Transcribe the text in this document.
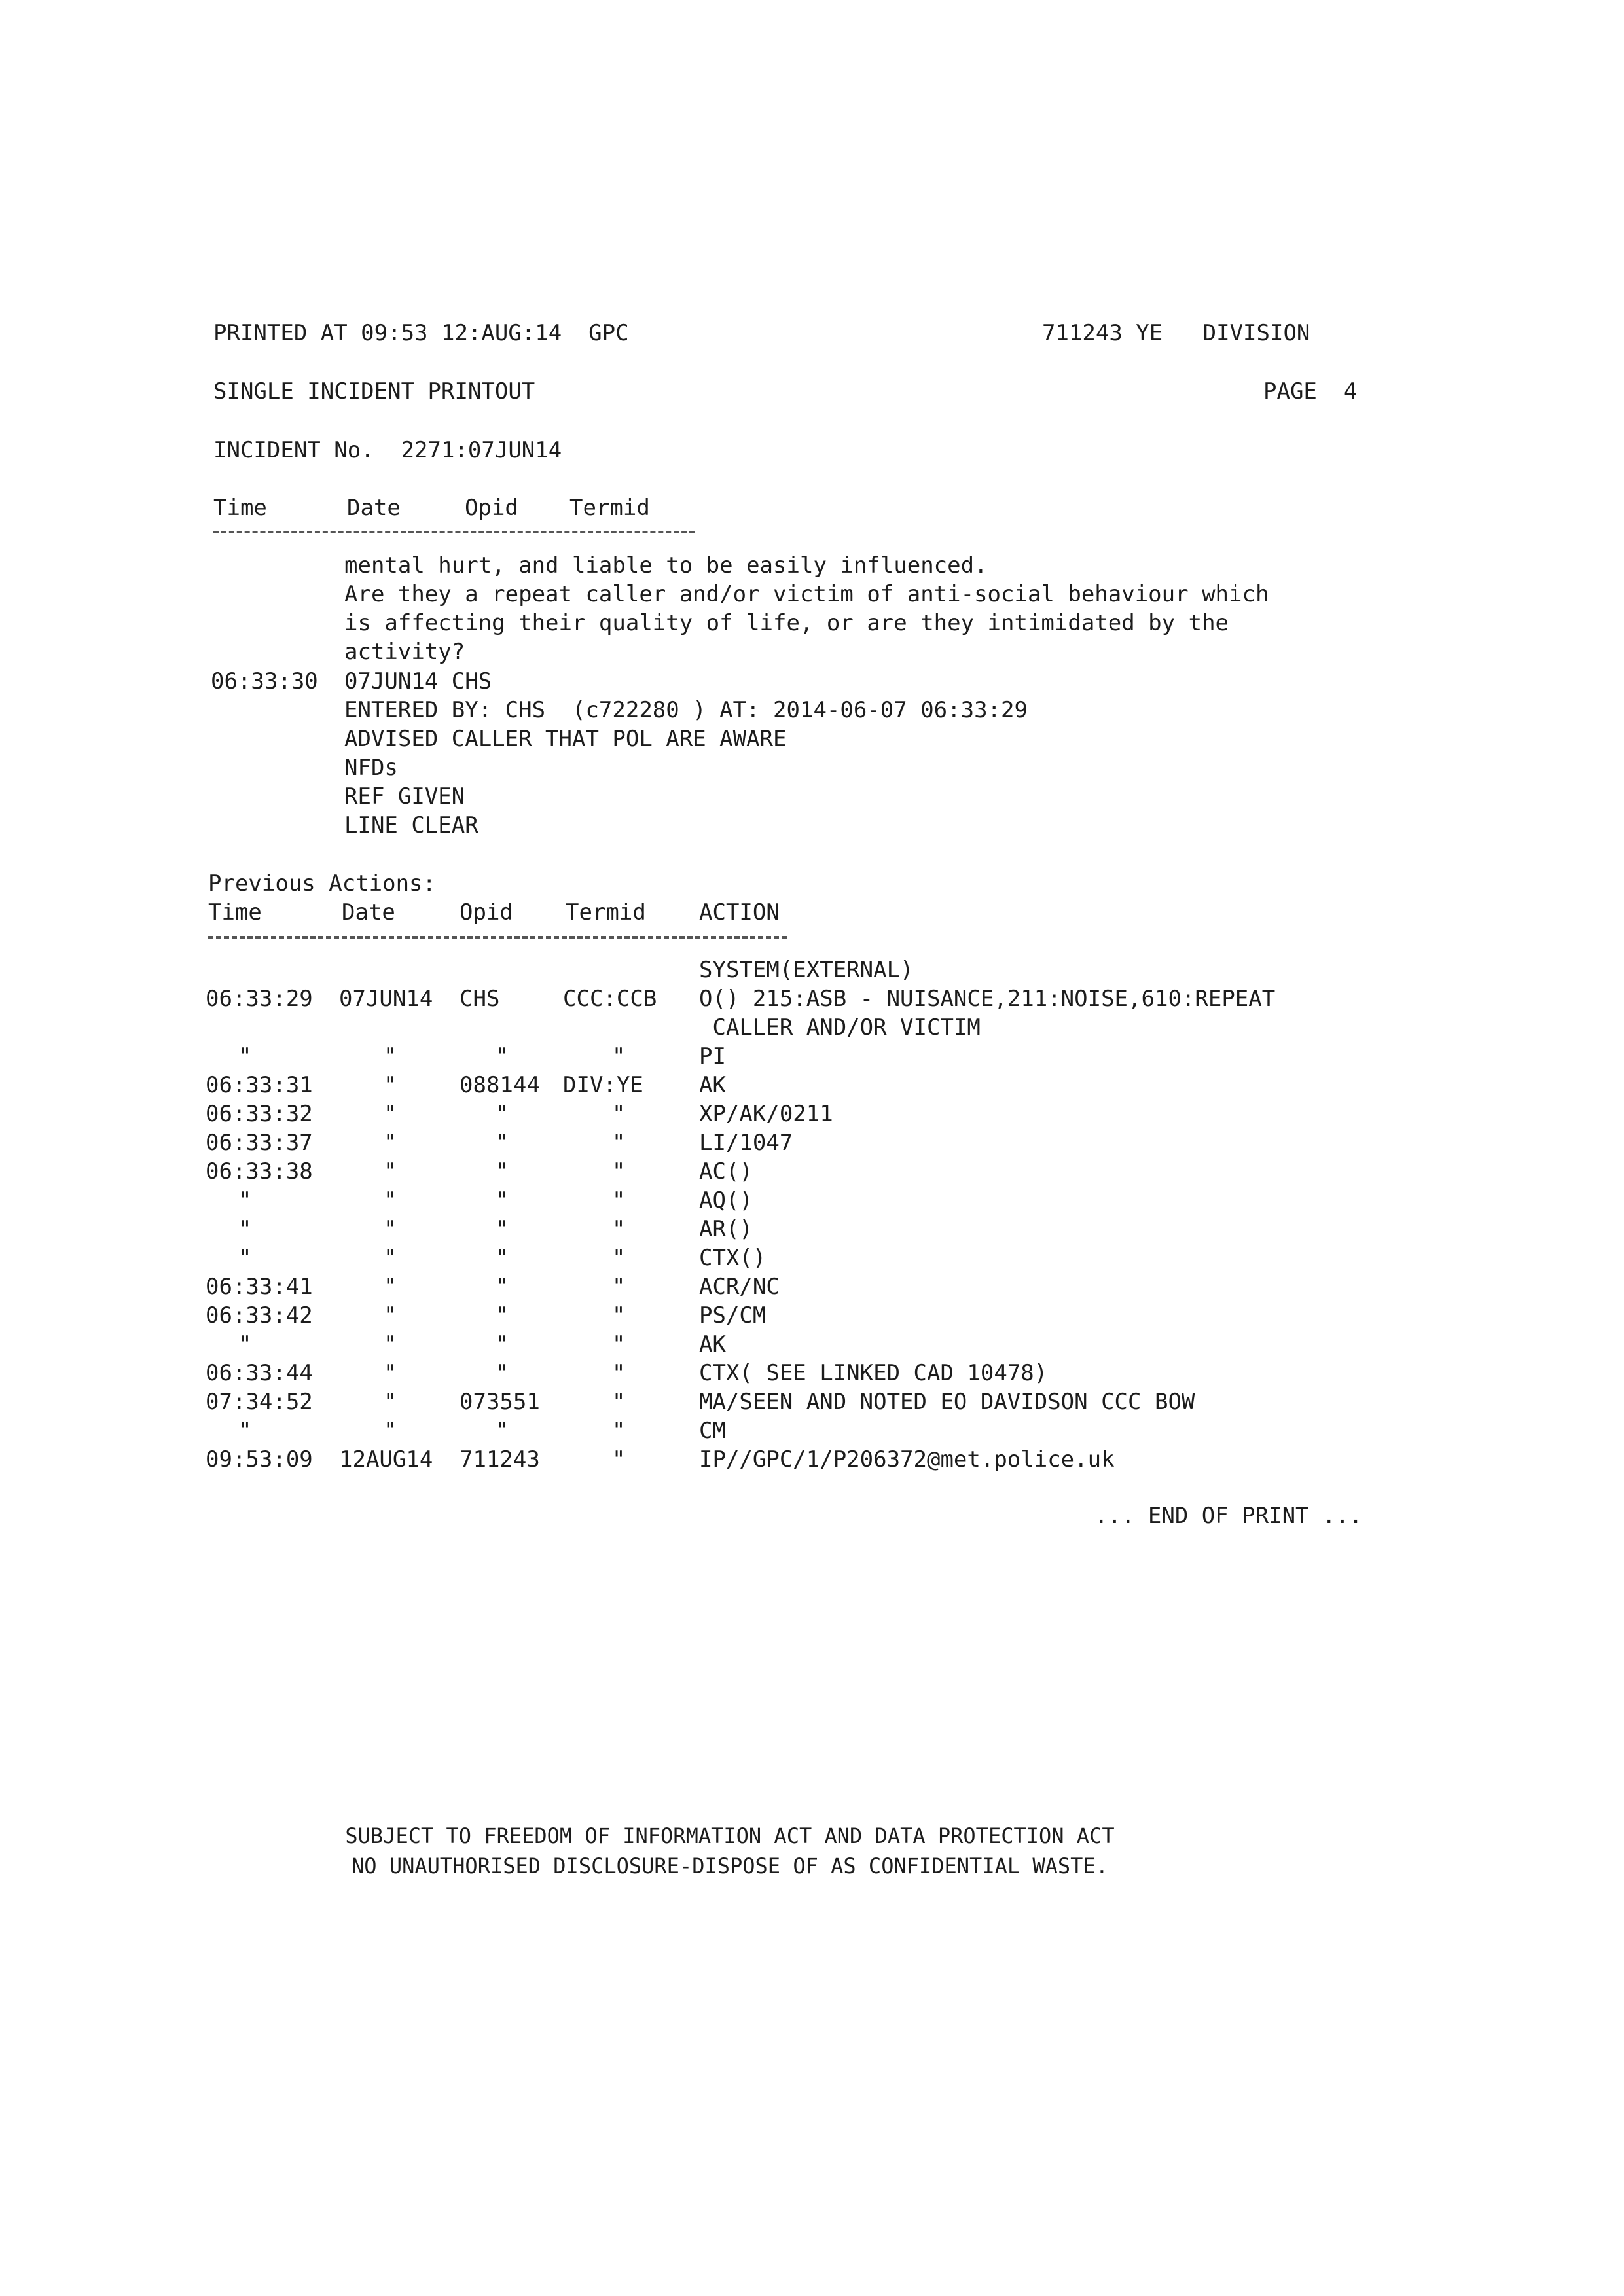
PRINTED AT 09:53 12:AUG:14  GPC	711243 YE   DIVISION
SINGLE INCIDENT PRINTOUT	PAGE  4
INCIDENT No.  2271:07JUN14
Time	Date	Opid Termid
mental hurt, and liable to be easily influenced.
Are they a repeat caller and/or victim of anti-social behaviour which
is affecting their quality of life, or are they intimidated by the
activity?
06:33:30 07JUN14 CHS
ENTERED BY: CHS  (c722280 ) AT: 2014-06-07 06:33:29
ADVISED CALLER THAT POL ARE AWARE
NFDs
REF GIVEN
LINE CLEAR
Previous Actions:
Time	Date	Opid Termid ACTION
SYSTEM(EXTERNAL)
06:33:29 07JUN14 CHS	CCC:CCB O() 215:ASB - NUISANCE,211:NOISE,610:REPEAT
CALLER AND/OR VICTIM
"	"	"	"	PI
06:33:31	"	088144 DIV:YE	AK
06:33:32	"	"	"	XP/AK/0211
06:33:37	"	"	"	LI/1047
06:33:38	"	"	"	AC()
"	"	"	"	AQ()
"	"	"	"	AR()
"	"	"	"	CTX()
06:33:41	"	"	"	ACR/NC
06:33:42	"	"	"	PS/CM
"	"	"	"	AK
06:33:44	"	"	"	CTX( SEE LINKED CAD 10478)
07:34:52	"	073551	"	MA/SEEN AND NOTED EO DAVIDSON CCC BOW
"	"	"	"	CM
09:53:09 12AUG14 711243	"	IP//GPC/1/P206372@met.police.uk
... END OF PRINT ...
SUBJECT TO FREEDOM OF INFORMATION ACT AND DATA PROTECTION ACT
NO UNAUTHORISED DISCLOSURE-DISPOSE OF AS CONFIDENTIAL WASTE.
